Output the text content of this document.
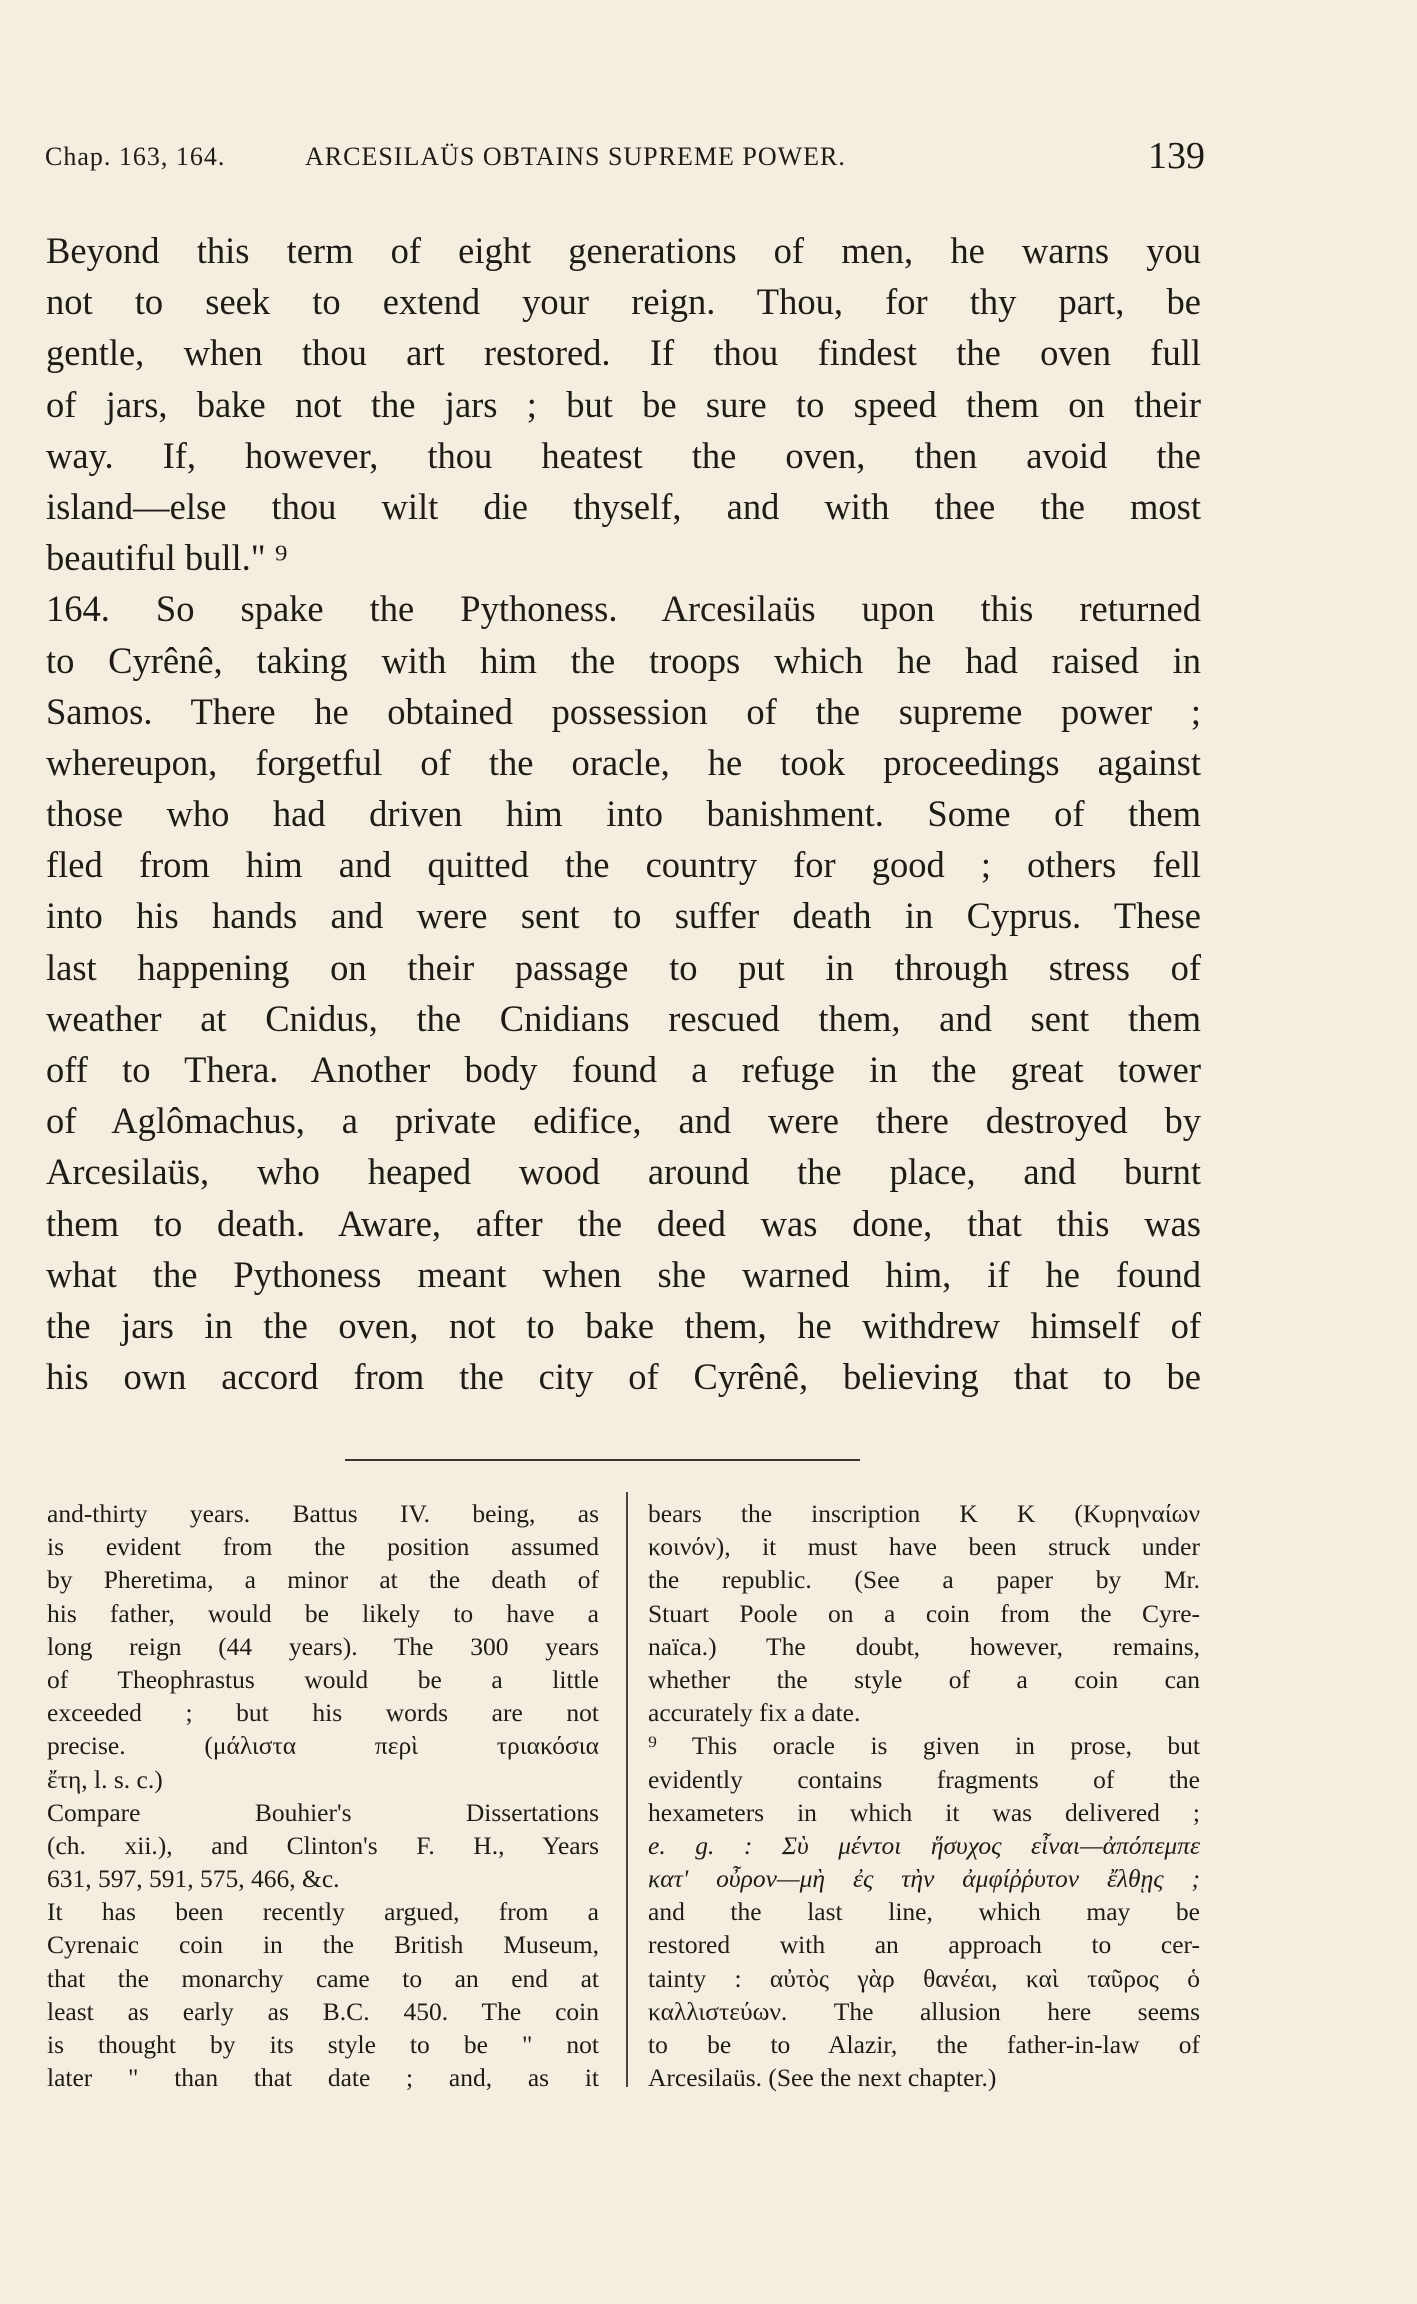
Chap. 163, 164.	ARCESILAÜS OBTAINS SUPREME POWER.	139
Beyond this term of eight generations of men, he warns you
not to seek to extend your reign. Thou, for thy part, be
gentle, when thou art restored. If thou findest the oven full
of jars, bake not the jars ; but be sure to speed them on their
way. If, however, thou heatest the oven, then avoid the
island—else thou wilt die thyself, and with thee the most
beautiful bull." ⁹
164. So spake the Pythoness. Arcesilaüs upon this returned
to Cyrênê, taking with him the troops which he had raised in
Samos. There he obtained possession of the supreme power ;
whereupon, forgetful of the oracle, he took proceedings against
those who had driven him into banishment. Some of them
fled from him and quitted the country for good ; others fell
into his hands and were sent to suffer death in Cyprus. These
last happening on their passage to put in through stress of
weather at Cnidus, the Cnidians rescued them, and sent them
off to Thera. Another body found a refuge in the great tower
of Aglômachus, a private edifice, and were there destroyed by
Arcesilaüs, who heaped wood around the place, and burnt
them to death. Aware, after the deed was done, that this was
what the Pythoness meant when she warned him, if he found
the jars in the oven, not to bake them, he withdrew himself of
his own accord from the city of Cyrênê, believing that to be
and-thirty years. Battus IV. being, as
is evident from the position assumed
by Pheretima, a minor at the death of
his father, would be likely to have a
long reign (44 years). The 300 years
of Theophrastus would be a little
exceeded ; but his words are not
precise. (μάλιστα περὶ τριακόσια
ἔτη, l. s. c.)
Compare Bouhier's Dissertations
(ch. xii.), and Clinton's F. H., Years
631, 597, 591, 575, 466, &c.
It has been recently argued, from a
Cyrenaic coin in the British Museum,
that the monarchy came to an end at
least as early as B.C. 450. The coin
is thought by its style to be " not
later " than that date ; and, as it
bears the inscription K K (Κυρηναίων
κοινόν), it must have been struck under
the republic. (See a paper by Mr.
Stuart Poole on a coin from the Cyre-
naïca.) The doubt, however, remains,
whether the style of a coin can
accurately fix a date.
⁹ This oracle is given in prose, but
evidently contains fragments of the
hexameters in which it was delivered ;
e. g. : Σὺ μέντοι ἥσυχος εἶναι—ἀπόπεμπε
κατ' οὖρον—μὴ ἐς τὴν ἀμφίῤῥυτον ἔλθῃς ;
and the last line, which may be
restored with an approach to cer-
tainty : αὐτὸς γὰρ θανέαι, καὶ ταῦρος ὁ
καλλιστεύων. The allusion here seems
to be to Alazir, the father-in-law of
Arcesilaüs. (See the next chapter.)
